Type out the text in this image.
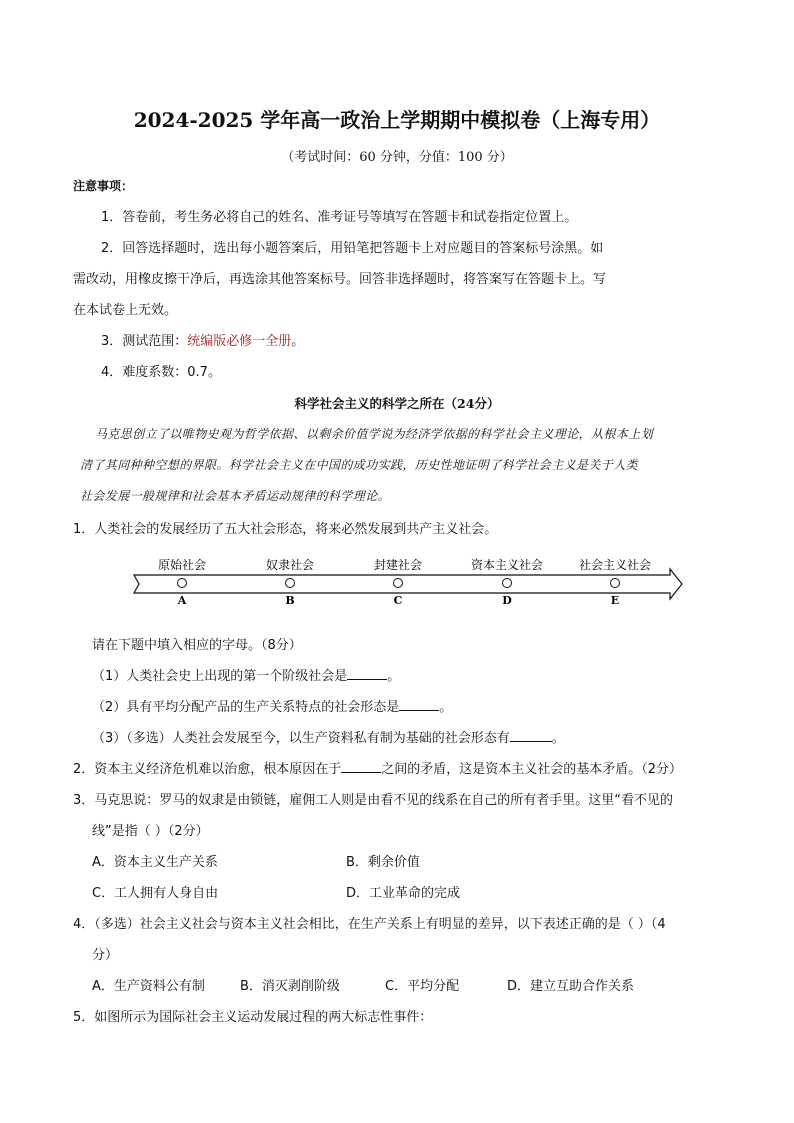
2024-2025 学年高一政治上学期期中模拟卷（上海专用）
（考试时间：60 分钟，分值：100 分）
注意事项：
1．答卷前，考生务必将自己的姓名、准考证号等填写在答题卡和试卷指定位置上。
2．回答选择题时，选出每小题答案后，用铅笔把答题卡上对应题目的答案标号涂黑。如
需改动，用橡皮擦干净后，再选涂其他答案标号。回答非选择题时，将答案写在答题卡上。写
在本试卷上无效。
3．测试范围：统编版必修一全册。
4．难度系数：0.7。
科学社会主义的科学之所在（24分）
马克思创立了以唯物史观为哲学依据、以剩余价值学说为经济学依据的科学社会主义理论，从根本上划
清了其同种种空想的界限。科学社会主义在中国的成功实践，历史性地证明了科学社会主义是关于人类
社会发展一般规律和社会基本矛盾运动规律的科学理论。
1．人类社会的发展经历了五大社会形态，将来必然发展到共产主义社会。
原始社会
A
奴隶社会
B
封建社会
C
资本主义社会
D
社会主义社会
E
请在下题中填入相应的字母。（8分）
（1）人类社会史上出现的第一个阶级社会是	。
（2）具有平均分配产品的生产关系特点的社会形态是	。
（3）（多选）人类社会发展至今，以生产资料私有制为基础的社会形态有	。
2．资本主义经济危机难以治愈，根本原因在于	之间的矛盾，这是资本主义社会的基本矛盾。（2分）
3．马克思说：罗马的奴隶是由锁链，雇佣工人则是由看不见的线系在自己的所有者手里。这里“看不见的
线”是指（ ）（2分）
A．资本主义生产关系	B．剩余价值
C．工人拥有人身自由	D．工业革命的完成
4．（多选）社会主义社会与资本主义社会相比，在生产关系上有明显的差异，以下表述正确的是（ ）（4
分）
A．生产资料公有制	B．消灭剥削阶级	C．平均分配	D．建立互助合作关系
5．如图所示为国际社会主义运动发展过程的两大标志性事件：
